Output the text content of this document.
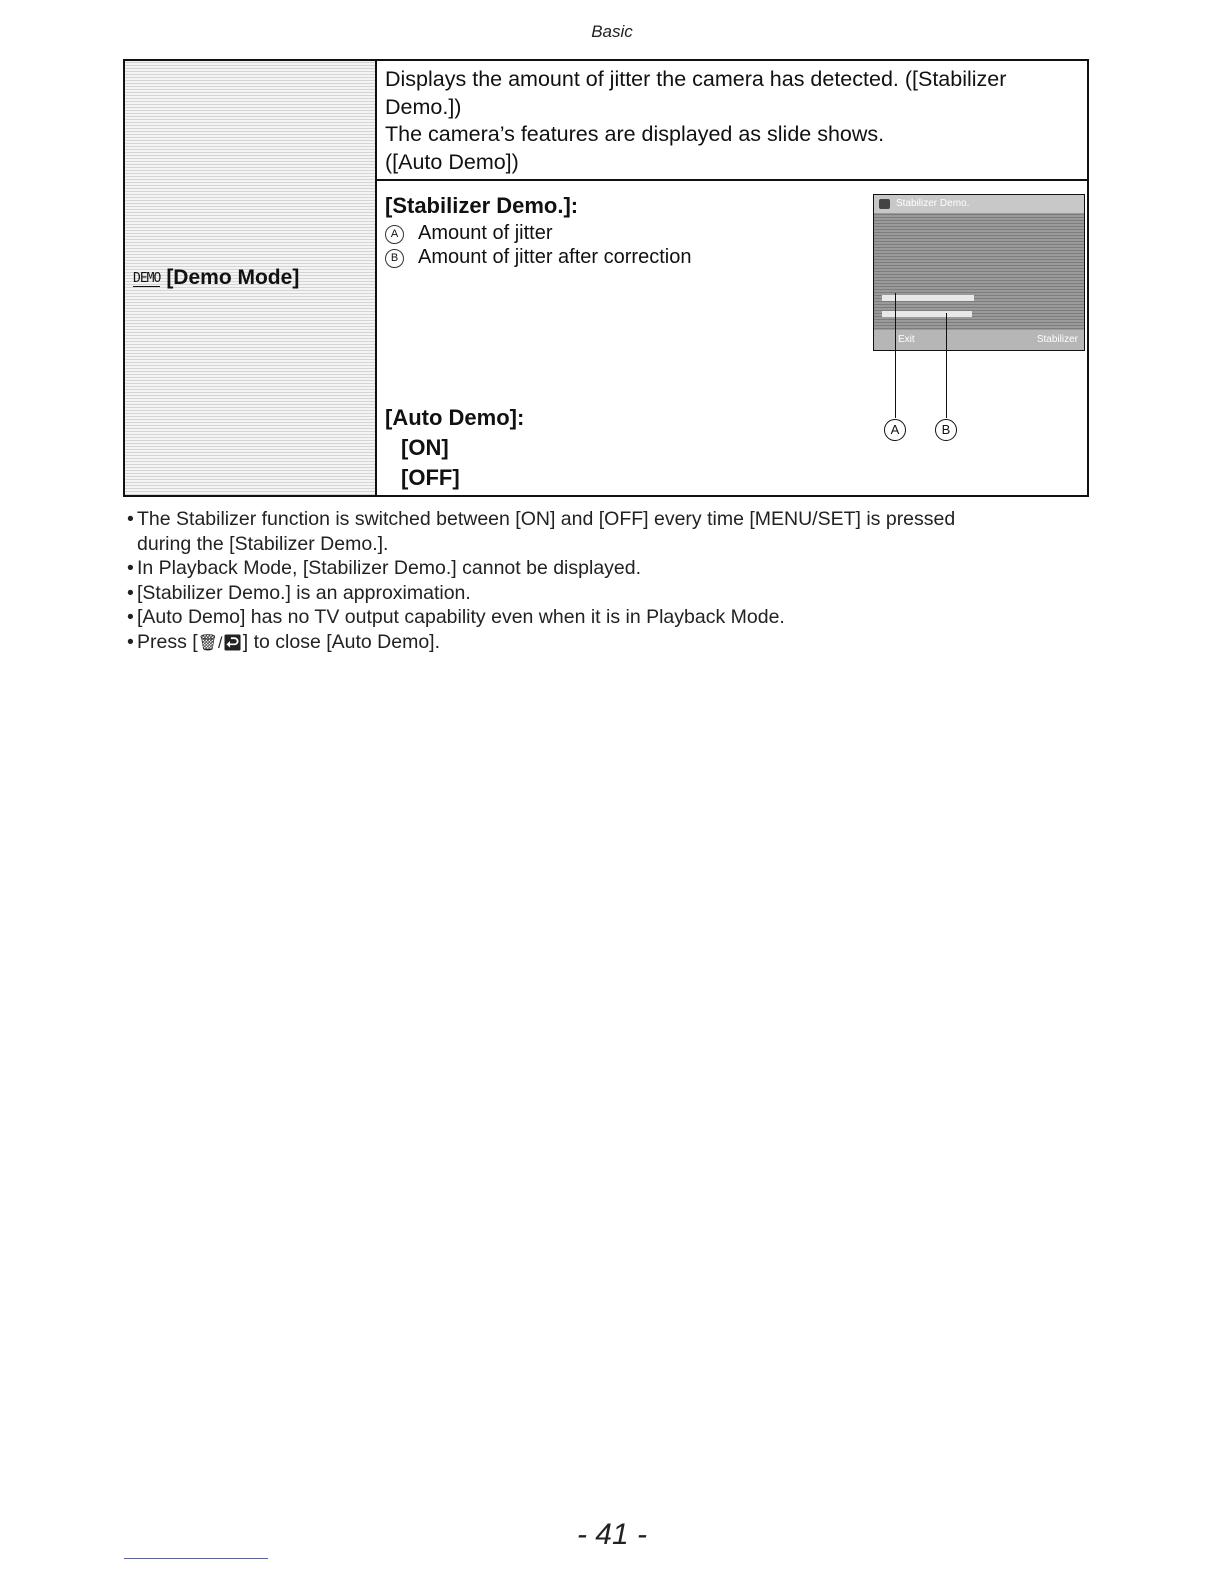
Basic
DEMO [Demo Mode]

Displays the amount of jitter the camera has detected. ([Stabilizer Demo.])

The camera’s features are displayed as slide shows.

([Auto Demo])

[Stabilizer Demo.]:
A Amount of jitter
B Amount of jitter after correction
Stabilizer Demo.
Exit	Stabilizer
A	B
[Auto Demo]:
[ON]
[OFF]
• The Stabilizer function is switched between [ON] and [OFF] every time [MENU/SET] is pressed
during the [Stabilizer Demo.].
• In Playback Mode, [Stabilizer Demo.] cannot be displayed.
• [Stabilizer Demo.] is an approximation.
• [Auto Demo] has no TV output capability even when it is in Playback Mode.
• Press [🗑/↩] to close [Auto Demo].
- 41 -
